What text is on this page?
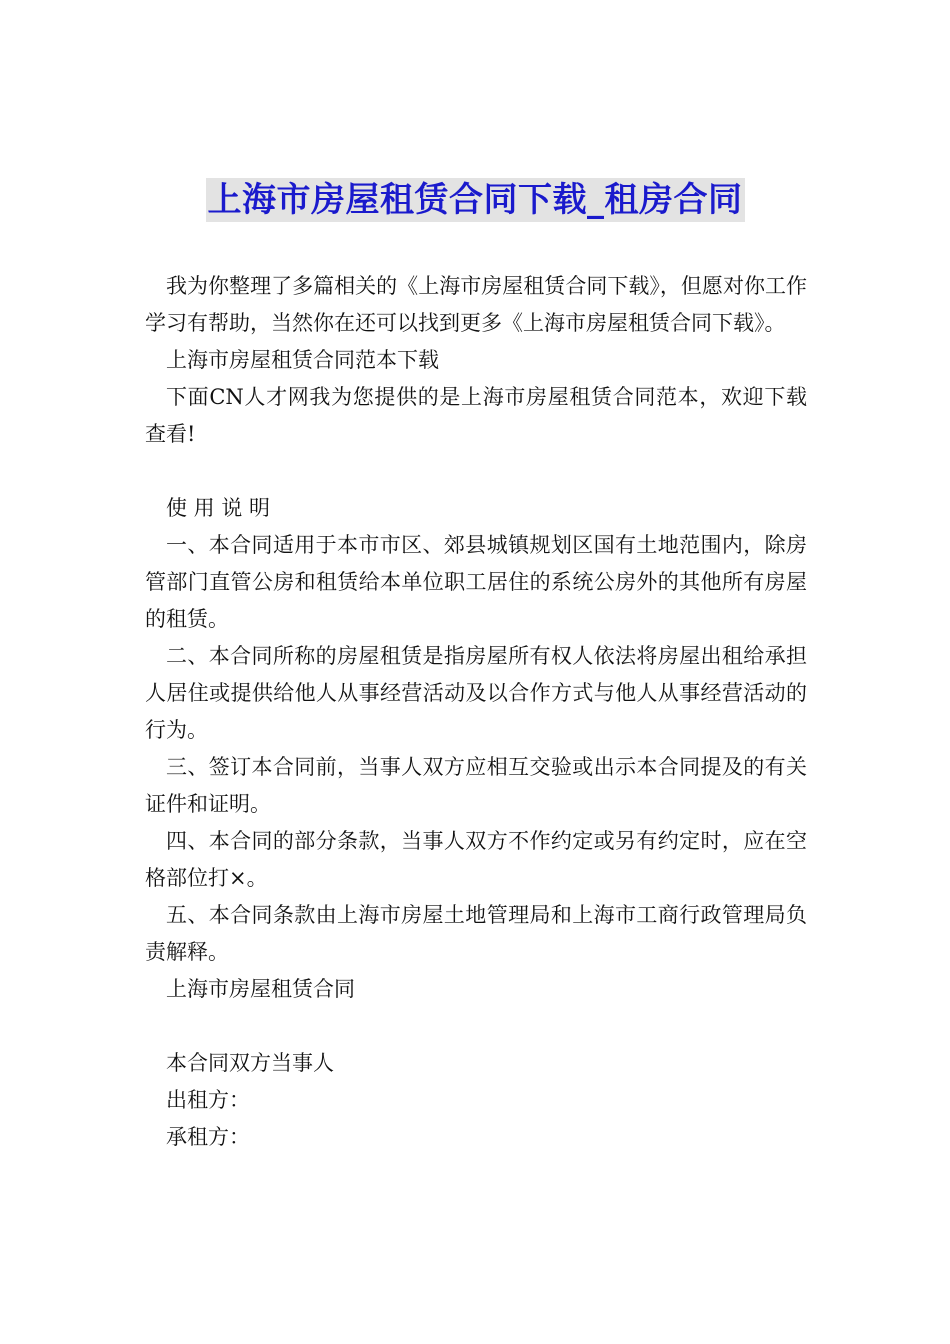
上海市房屋租赁合同下载_租房合同

我为你整理了多篇相关的《上海市房屋租赁合同下载》，但愿对你工作学习有帮助，当然你在还可以找到更多《上海市房屋租赁合同下载》。

上海市房屋租赁合同范本下载

下面CN人才网我为您提供的是上海市房屋租赁合同范本，欢迎下载查看!

使 用 说 明

一、本合同适用于本市市区、郊县城镇规划区国有土地范围内，除房管部门直管公房和租赁给本单位职工居住的系统公房外的其他所有房屋的租赁。

二、本合同所称的房屋租赁是指房屋所有权人依法将房屋出租给承担人居住或提供给他人从事经营活动及以合作方式与他人从事经营活动的行为。

三、签订本合同前，当事人双方应相互交验或出示本合同提及的有关证件和证明。

四、本合同的部分条款，当事人双方不作约定或另有约定时，应在空格部位打×。

五、本合同条款由上海市房屋土地管理局和上海市工商行政管理局负责解释。

上海市房屋租赁合同

本合同双方当事人

出租方：

承租方：
